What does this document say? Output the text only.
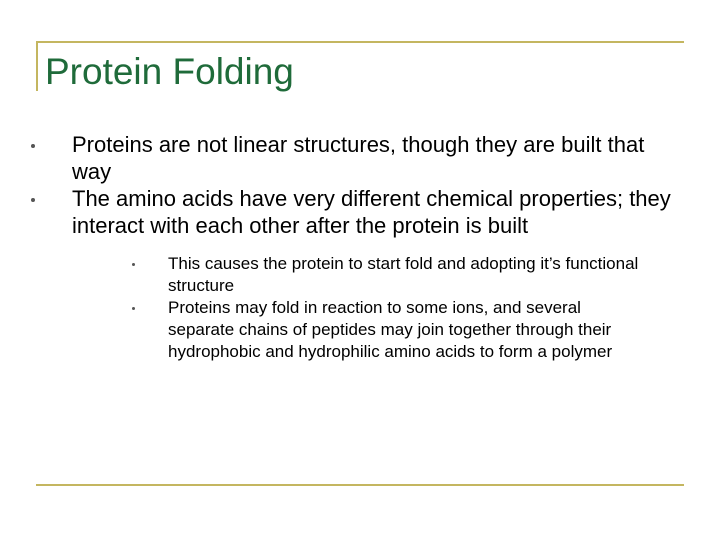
Protein Folding
Proteins are not linear structures, though they are built that way
The amino acids have very different chemical properties; they interact with each other after the protein is built
This causes the protein to start fold and adopting it’s functional structure
Proteins may fold in reaction to some ions, and several separate chains of peptides may join together through their hydrophobic and hydrophilic amino acids to form a polymer
